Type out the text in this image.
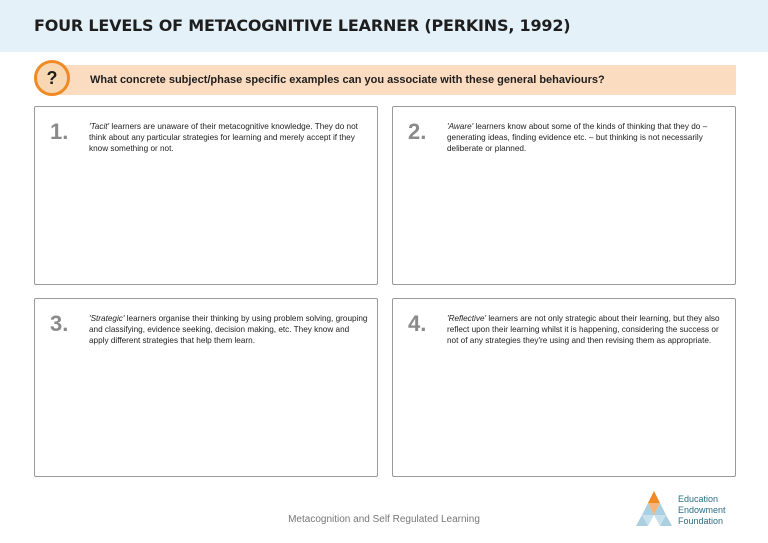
FOUR LEVELS OF METACOGNITIVE LEARNER (PERKINS, 1992)
What concrete subject/phase specific examples can you associate with these general behaviours?
?
1.	'Tacit' learners are unaware of their metacognitive knowledge. They do not think about any particular strategies for learning and merely accept if they know something or not.
2.	'Aware' learners know about some of the kinds of thinking that they do – generating ideas, finding evidence etc. – but thinking is not necessarily deliberate or planned.
3.	'Strategic' learners organise their thinking by using problem solving, grouping and classifying, evidence seeking, decision making, etc. They know and apply different strategies that help them learn.
4.	'Reflective' learners are not only strategic about their learning, but they also reflect upon their learning whilst it is happening, considering the success or not of any strategies they're using and then revising them as appropriate.
Metacognition and Self Regulated Learning
Education
Endowment
Foundation
